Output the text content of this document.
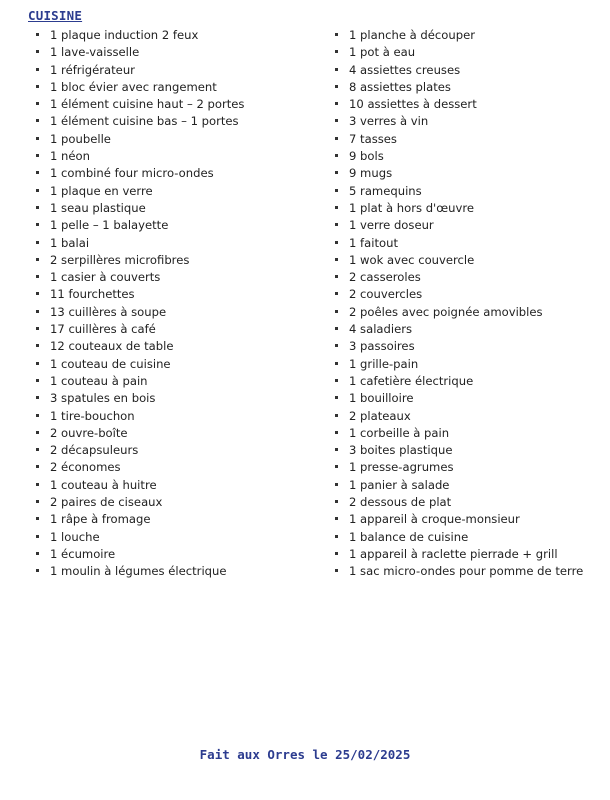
CUISINE
1 plaque induction 2 feux
1 lave-vaisselle
1 réfrigérateur
1 bloc évier avec rangement
1 élément cuisine haut – 2 portes
1 élément cuisine bas – 1 portes
1 poubelle
1 néon
1 combiné four micro-ondes
1 plaque en verre
1 seau plastique
1 pelle – 1 balayette
1 balai
2 serpillères microfibres
1 casier à couverts
11 fourchettes
13 cuillères à soupe
17 cuillères à café
12 couteaux de table
1 couteau de cuisine
1 couteau à pain
3 spatules en bois
1 tire-bouchon
2 ouvre-boîte
2 décapsuleurs
2 économes
1 couteau à huitre
2 paires de ciseaux
1 râpe à fromage
1 louche
1 écumoire
1 moulin à légumes électrique
1 planche à découper
1 pot à eau
4 assiettes creuses
8 assiettes plates
10 assiettes à dessert
3 verres à vin
7 tasses
9 bols
9 mugs
5 ramequins
1 plat à hors d'œuvre
1 verre doseur
1 faitout
1 wok avec couvercle
2 casseroles
2 couvercles
2 poêles avec poignée amovibles
4 saladiers
3 passoires
1 grille-pain
1 cafetière électrique
1 bouilloire
2 plateaux
1 corbeille à pain
3 boites plastique
1 presse-agrumes
1 panier à salade
2 dessous de plat
1 appareil à croque-monsieur
1 balance de cuisine
1 appareil à raclette pierrade + grill
1 sac micro-ondes pour pomme de terre
Fait aux Orres le 25/02/2025
